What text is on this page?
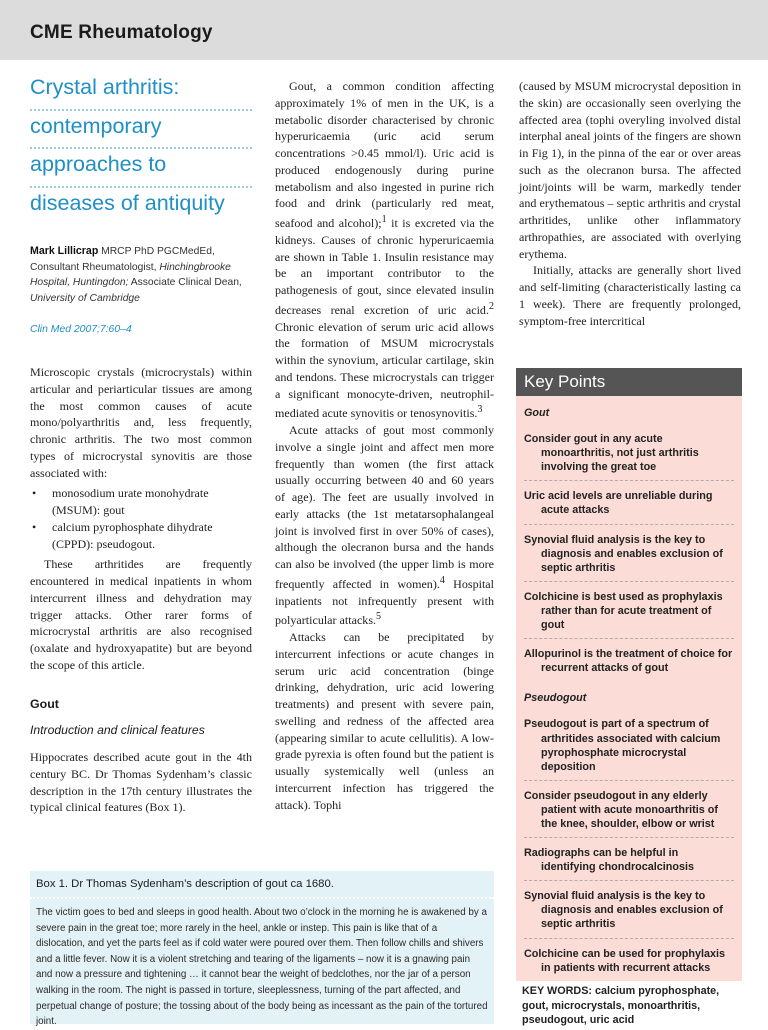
CME Rheumatology
Crystal arthritis:
contemporary
approaches to
diseases of antiquity
Mark Lillicrap MRCP PhD PGCMedEd,
Consultant Rheumatologist, Hinchingbrooke Hospital, Huntingdon; Associate Clinical Dean, University of Cambridge
Clin Med 2007;7:60–4

Microscopic crystals (microcrystals) within articular and periarticular tissues are among the most common causes of acute mono/polyarthritis and, less frequently, chronic arthritis. The two most common types of microcrystal synovitis are those associated with:

• monosodium urate monohydrate (MSUM): gout
• calcium pyrophosphate dihydrate (CPPD): pseudogout.

These arthritides are frequently encountered in medical inpatients in whom intercurrent illness and dehydration may trigger attacks. Other rarer forms of microcrystal arthritis are also recognised (oxalate and hydroxyapatite) but are beyond the scope of this article.

Gout
Introduction and clinical features

Hippocrates described acute gout in the 4th century BC. Dr Thomas Sydenham’s classic description in the 17th century illustrates the typical clinical features (Box 1).

Gout, a common condition affecting approximately 1% of men in the UK, is a metabolic disorder characterised by chronic hyperuricaemia (uric acid serum concentrations >0.45 mmol/l). Uric acid is produced endogenously during purine metabolism and also ingested in purine rich food and drink (particularly red meat, seafood and alcohol);$^1$ it is excreted via the kidneys. Causes of chronic hyperuricaemia are shown in Table 1. Insulin resistance may be an important contributor to the pathogenesis of gout, since elevated insulin decreases renal excretion of uric acid.$^2$ Chronic elevation of serum uric acid allows the formation of MSUM microcrystals within the synovium, articular cartilage, skin and tendons. These microcrystals can trigger a significant monocyte-driven, neutrophil-mediated acute synovitis or tenosynovitis.$^3$

Acute attacks of gout most commonly involve a single joint and affect men more frequently than women (the first attack usually occurring between 40 and 60 years of age). The feet are usually involved in early attacks (the 1st metatarsophalangeal joint is involved first in over 50% of cases), although the olecranon bursa and the hands can also be involved (the upper limb is more frequently affected in women).$^4$ Hospital inpatients not infrequently present with polyarticular attacks.$^5$

Attacks can be precipitated by intercurrent infections or acute changes in serum uric acid concentration (binge drinking, dehydration, uric acid lowering treatments) and present with severe pain, swelling and redness of the affected area (appearing similar to acute cellulitis). A low-grade pyrexia is often found but the patient is usually systemically well (unless an intercurrent infection has triggered the attack). Tophi

(caused by MSUM microcrystal deposition in the skin) are occasionally seen overlying the affected area (tophi overyling involved distal interphal aneal joints of the fingers are shown in Fig 1), in the pinna of the ear or over areas such as the olecranon bursa. The affected joint/joints will be warm, markedly tender and erythematous – septic arthritis and crystal arthritides, unlike other inflammatory arthropathies, are associated with overlying erythema.

Initially, attacks are generally short lived and self-limiting (characteristically lasting ca 1 week). There are frequently prolonged, symptom-free intercritical

Key Points
Gout
Consider gout in any acute monoarthritis, not just arthritis involving the great toe
Uric acid levels are unreliable during acute attacks
Synovial fluid analysis is the key to diagnosis and enables exclusion of septic arthritis
Colchicine is best used as prophylaxis rather than for acute treatment of gout
Allopurinol is the treatment of choice for recurrent attacks of gout
Pseudogout
Pseudogout is part of a spectrum of arthritides associated with calcium pyrophosphate microcrystal deposition
Consider pseudogout in any elderly patient with acute monoarthritis of the knee, shoulder, elbow or wrist
Radiographs can be helpful in identifying chondrocalcinosis
Synovial fluid analysis is the key to diagnosis and enables exclusion of septic arthritis
Colchicine can be used for prophylaxis in patients with recurrent attacks
KEY WORDS: calcium pyrophosphate, gout, microcrystals, monoarthritis, pseudogout, uric acid
Box 1. Dr Thomas Sydenham’s description of gout ca 1680.
The victim goes to bed and sleeps in good health. About two o’clock in the morning he is awakened by a severe pain in the great toe; more rarely in the heel, ankle or instep. This pain is like that of a dislocation, and yet the parts feel as if cold water were poured over them. Then follow chills and shivers and a little fever. Now it is a violent stretching and tearing of the ligaments – now it is a gnawing pain and now a pressure and tightening … it cannot bear the weight of bedclothes, nor the jar of a person walking in the room. The night is passed in torture, sleeplessness, turning of the part affected, and perpetual change of posture; the tossing about of the body being as incessant as the pain of the tortured joint.
